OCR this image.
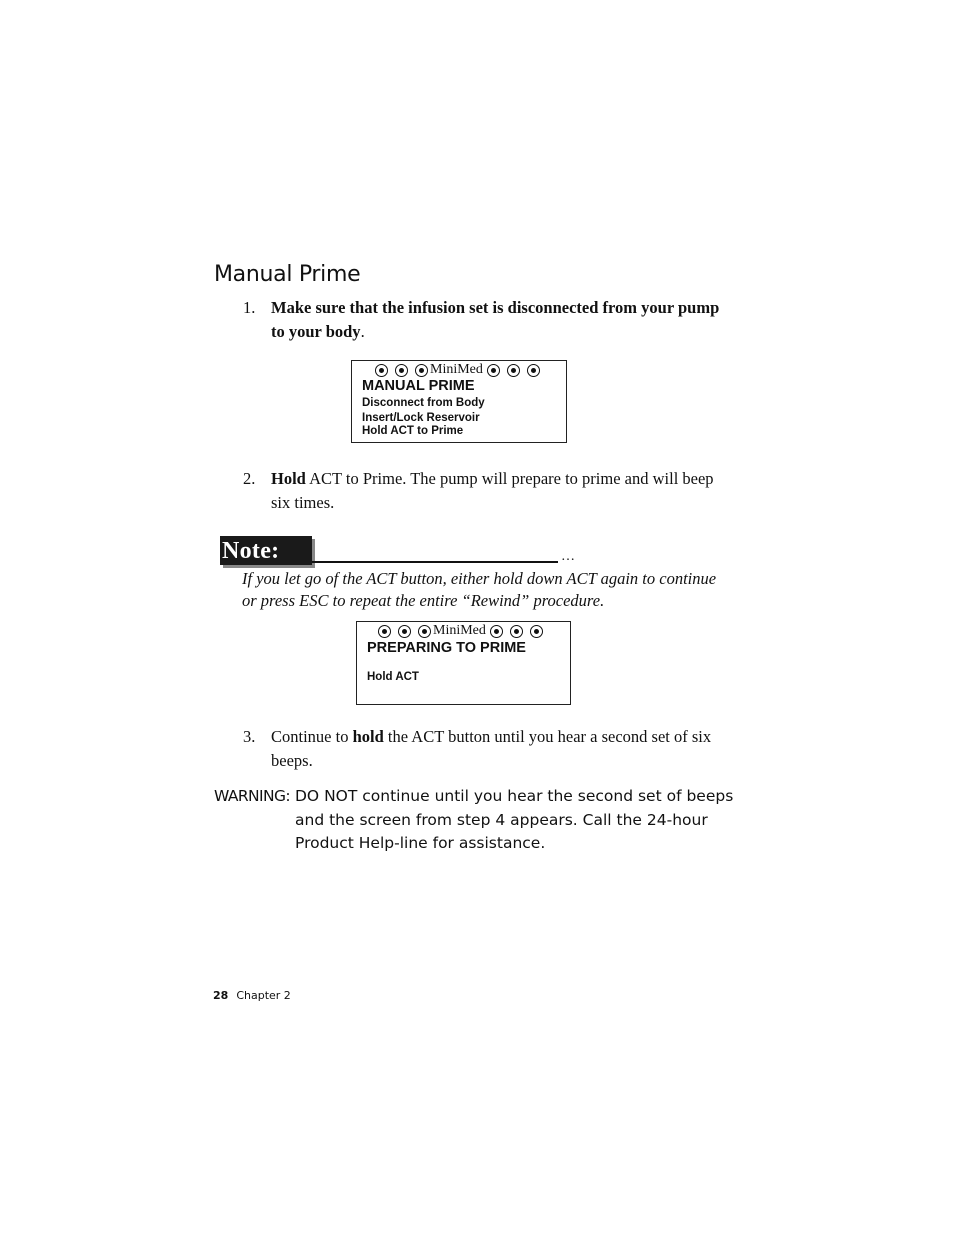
Manual Prime
1. Make sure that the infusion set is disconnected from your pump to your body.
MiniMed
MANUAL PRIME
Disconnect from Body
Insert/Lock Reservoir
Hold ACT to Prime
2. Hold ACT to Prime. The pump will prepare to prime and will beep six times.
Note:	…
If you let go of the ACT button, either hold down ACT again to continue or press ESC to repeat the entire “Rewind” procedure.
MiniMed
PREPARING TO PRIME
Hold ACT
3. Continue to hold the ACT button until you hear a second set of six beeps.
WARNING: DO NOT continue until you hear the second set of beeps and the screen from step 4 appears. Call the 24-hour Product Help-line for assistance.
28 Chapter 2
